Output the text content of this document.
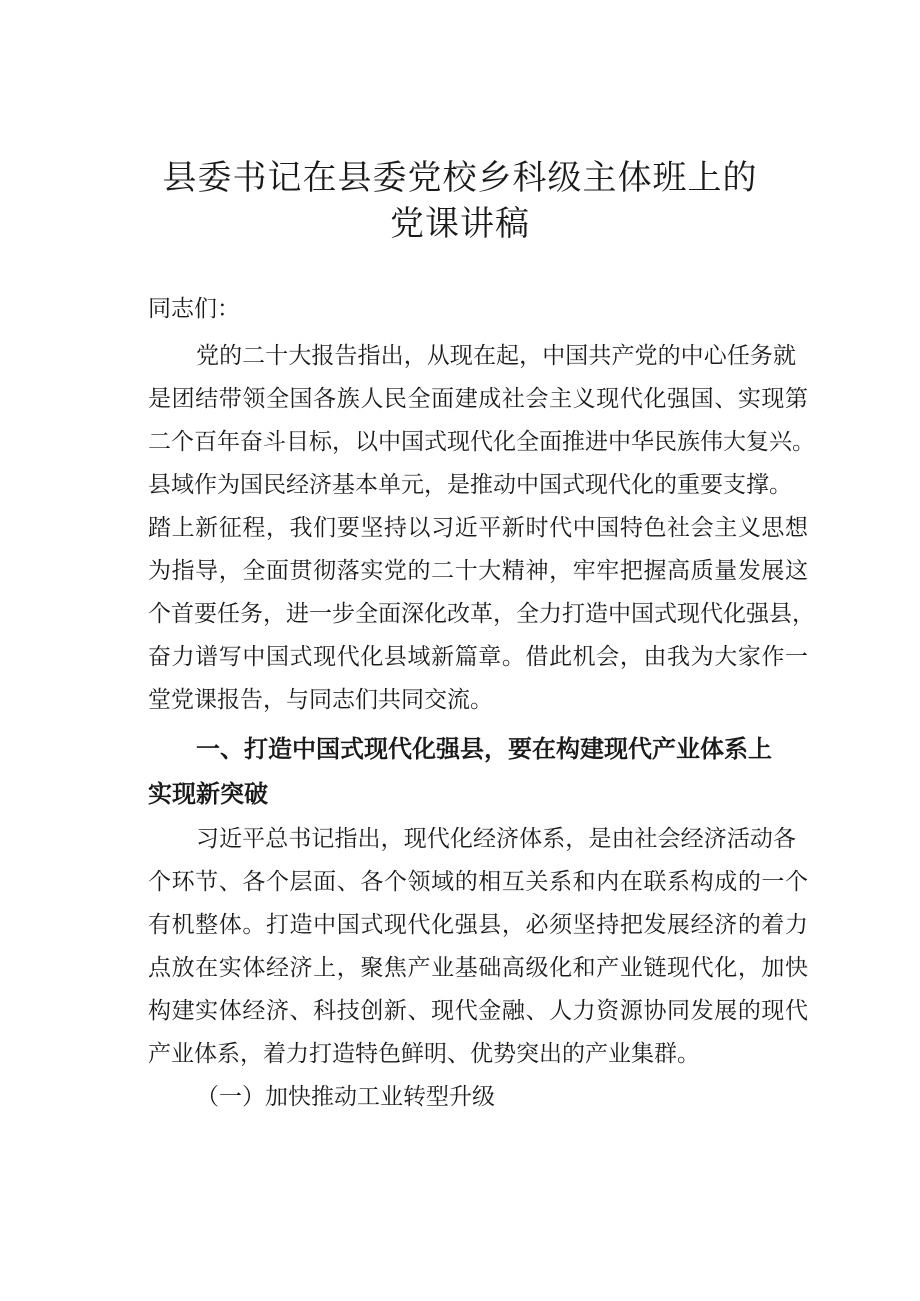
县委书记在县委党校乡科级主体班上的
党课讲稿
同志们：
党的二十大报告指出，从现在起，中国共产党的中心任务就
是团结带领全国各族人民全面建成社会主义现代化强国、实现第
二个百年奋斗目标，以中国式现代化全面推进中华民族伟大复兴。
县域作为国民经济基本单元，是推动中国式现代化的重要支撑。
踏上新征程，我们要坚持以习近平新时代中国特色社会主义思想
为指导，全面贯彻落实党的二十大精神，牢牢把握高质量发展这
个首要任务，进一步全面深化改革，全力打造中国式现代化强县，
奋力谱写中国式现代化县域新篇章。借此机会，由我为大家作一
堂党课报告，与同志们共同交流。
一、打造中国式现代化强县，要在构建现代产业体系上
实现新突破
习近平总书记指出，现代化经济体系，是由社会经济活动各
个环节、各个层面、各个领域的相互关系和内在联系构成的一个
有机整体。打造中国式现代化强县，必须坚持把发展经济的着力
点放在实体经济上，聚焦产业基础高级化和产业链现代化，加快
构建实体经济、科技创新、现代金融、人力资源协同发展的现代
产业体系，着力打造特色鲜明、优势突出的产业集群。
（一）加快推动工业转型升级
